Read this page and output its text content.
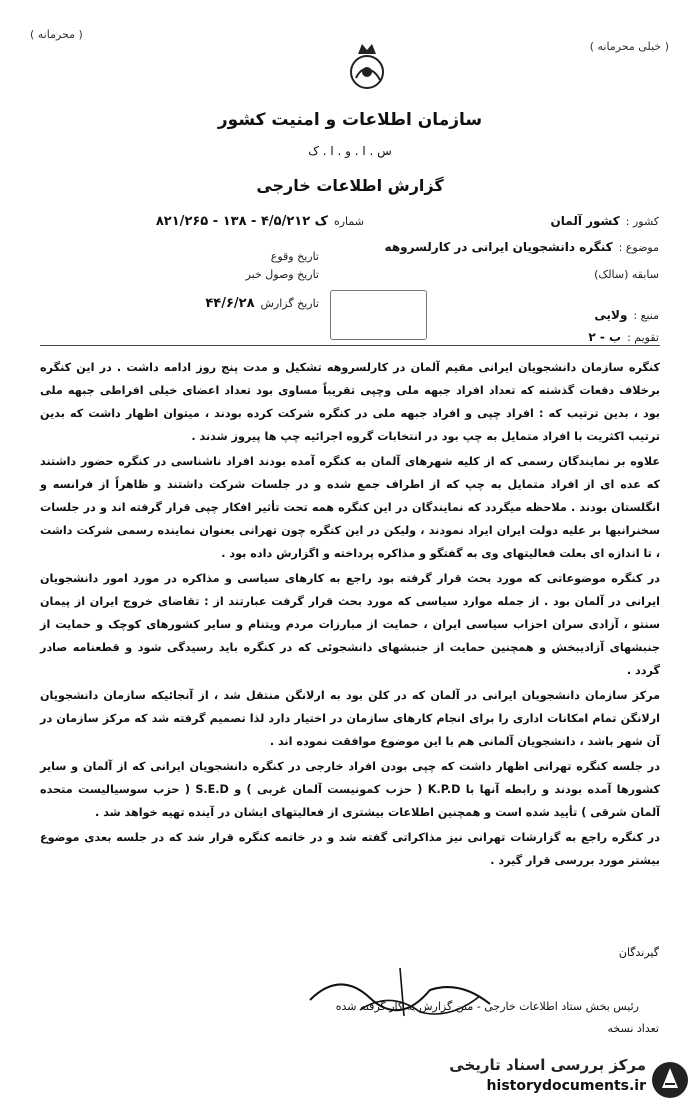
( محرمانه )
( خیلی محرمانه )
سازمان اطلاعات و امنیت کشور
س . ا . و . ا . ک
گزارش اطلاعات خارجی
کشور :
کشور آلمان
موضوع :
کنگره دانشجویان ایرانی در کارلسروهه
سابقه (سالک)
منبع :
ولایی
تقویم :
ب - ۲
شماره
۸۲۱/ک ۴/۵/۲۱۲ - ۱۳۸ - ۲۶۵
تاریخ وقوع
تاریخ وصول خبر
تاریخ گزارش
۴۴/۶/۲۸

کنگره سازمان دانشجویان ایرانی مقیم آلمان در کارلسروهه تشکیل و مدت پنج روز ادامه داشت . در این کنگره برخلاف دفعات گذشته که تعداد افراد جبهه ملی وچپی تقریباً مساوی بود تعداد اعضای خیلی افراطی جبهه ملی بود ، بدین ترتیب که : افراد چپی و افراد جبهه ملی در کنگره شرکت کرده بودند ، میتوان اظهار داشت که بدین ترتیب اکثریت با افراد متمایل به چپ بود در انتخابات گروه اجرائیه چپ ها پیروز شدند .

علاوه بر نمایندگان رسمی که از کلیه شهرهای آلمان به کنگره آمده بودند افراد ناشناسی در کنگره حضور داشتند که عده ای از افراد متمایل به چپ که از اطراف جمع شده و در جلسات شرکت داشتند و ظاهراً از فرانسه و انگلستان بودند . ملاحظه میگردد که نمایندگان در این کنگره همه تحت تأثیر افکار چپی قرار گرفته اند و در جلسات سخنرانیها بر علیه دولت ایران ایراد نمودند ، ولیکن در این کنگره چون تهرانی بعنوان نماینده رسمی شرکت داشت ، تا اندازه ای بعلت فعالیتهای وی به گفتگو و مذاکره پرداخته و اگزارش داده بود .

در کنگره موضوعاتی که مورد بحث قرار گرفته بود راجع به کارهای سیاسی و مذاکره در مورد امور دانشجویان ایرانی در آلمان بود . از جمله موارد سیاسی که مورد بحث قرار گرفت عبارتند از : تقاضای خروج ایران از پیمان سنتو ، آزادی سران احزاب سیاسی ایران ، حمایت از مبارزات مردم ویتنام و سایر کشورهای کوچک و حمایت از جنبشهای آزادیبخش و همچنین حمایت از جنبشهای دانشجوئی که در کنگره باید رسیدگی شود و قطعنامه صادر گردد .

مرکز سازمان دانشجویان ایرانی در آلمان که در کلن بود به ارلانگن منتقل شد ، از آنجائیکه سازمان دانشجویان ارلانگن تمام امکانات اداری را برای انجام کارهای سازمان در اختیار دارد لذا تصمیم گرفته شد که مرکز سازمان در آن شهر باشد ، دانشجویان آلمانی هم با این موضوع موافقت نموده اند .

در جلسه کنگره تهرانی اظهار داشت که چپی بودن افراد خارجی در کنگره دانشجویان ایرانی که از آلمان و سایر کشورها آمده بودند و رابطه آنها با K.P.D ( حزب کمونیست آلمان غربی ) و S.E.D ( حزب سوسیالیست متحده آلمان شرقی ) تأیید شده است و همچنین اطلاعات بیشتری از فعالیتهای ایشان در آینده تهیه خواهد شد .

در کنگره راجع به گزارشات تهرانی نیز مذاکراتی گفته شد و در خاتمه کنگره قرار شد که در جلسه بعدی موضوع بیشتر مورد بررسی قرار گیرد .

گیرندگان
رئیس بخش ستاد اطلاعات خارجی - متن گزارش به کار گرفته شده
تعداد نسخه
مرکز بررسی اسناد تاریخی
historydocuments.ir
